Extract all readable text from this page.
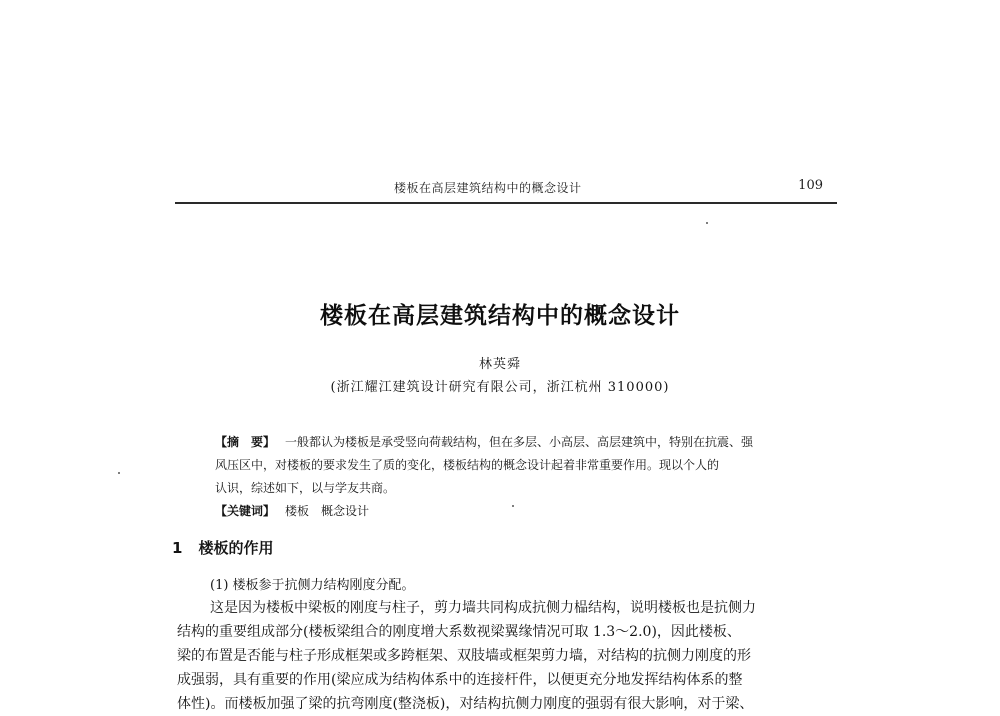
楼板在高层建筑结构中的概念设计	109
楼板在高层建筑结构中的概念设计
林英舜
(浙江耀江建筑设计研究有限公司，浙江杭州 310000)
【摘　要】 一般都认为楼板是承受竖向荷载结构，但在多层、小高层、高层建筑中，特别在抗震、强
风压区中，对楼板的要求发生了质的变化，楼板结构的概念设计起着非常重要作用。现以个人的
认识，综述如下，以与学友共商。
【关键词】 楼板　概念设计
1 楼板的作用
(1) 楼板参于抗侧力结构刚度分配。
这是因为楼板中梁板的刚度与柱子，剪力墙共同构成抗侧力榀结构，说明楼板也是抗侧力
结构的重要组成部分(楼板梁组合的刚度增大系数视梁翼缘情况可取 1.3～2.0)，因此楼板、
梁的布置是否能与柱子形成框架或多跨框架、双肢墙或框架剪力墙，对结构的抗侧力刚度的形
成强弱，具有重要的作用(梁应成为结构体系中的连接杆件，以便更充分地发挥结构体系的整
体性)。而楼板加强了梁的抗弯刚度(整浇板)，对结构抗侧力刚度的强弱有很大影响，对于梁、
